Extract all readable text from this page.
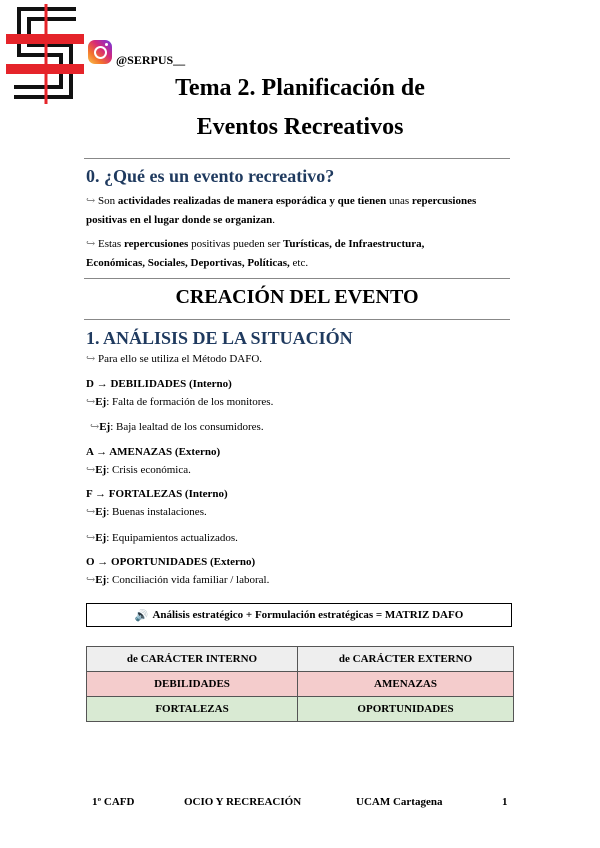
@SERPUS__
Tema 2. Planificación de
Eventos Recreativos
0. ¿Qué es un evento recreativo?
↪ Son actividades realizadas de manera esporádica y que tienen unas repercusiones
positivas en el lugar donde se organizan.
↪ Estas repercusiones positivas pueden ser Turísticas, de Infraestructura,
Económicas, Sociales, Deportivas, Políticas, etc.
CREACIÓN DEL EVENTO
1. ANÁLISIS DE LA SITUACIÓN
↪ Para ello se utiliza el Método DAFO.
D → DEBILIDADES (Interno)
↪Ej: Falta de formación de los monitores.
↪Ej: Baja lealtad de los consumidores.
A → AMENAZAS (Externo)
↪Ej: Crisis económica.
F → FORTALEZAS (Interno)
↪Ej: Buenas instalaciones.
↪Ej: Equipamientos actualizados.
O → OPORTUNIDADES (Externo)
↪Ej: Conciliación vida familiar / laboral.
🔊 Análisis estratégico + Formulación estratégicas = MATRIZ DAFO
de CARÁCTER INTERNO	de CARÁCTER EXTERNO
DEBILIDADES	AMENAZAS
FORTALEZAS	OPORTUNIDADES
1º CAFD	OCIO Y RECREACIÓN	UCAM Cartagena	1
